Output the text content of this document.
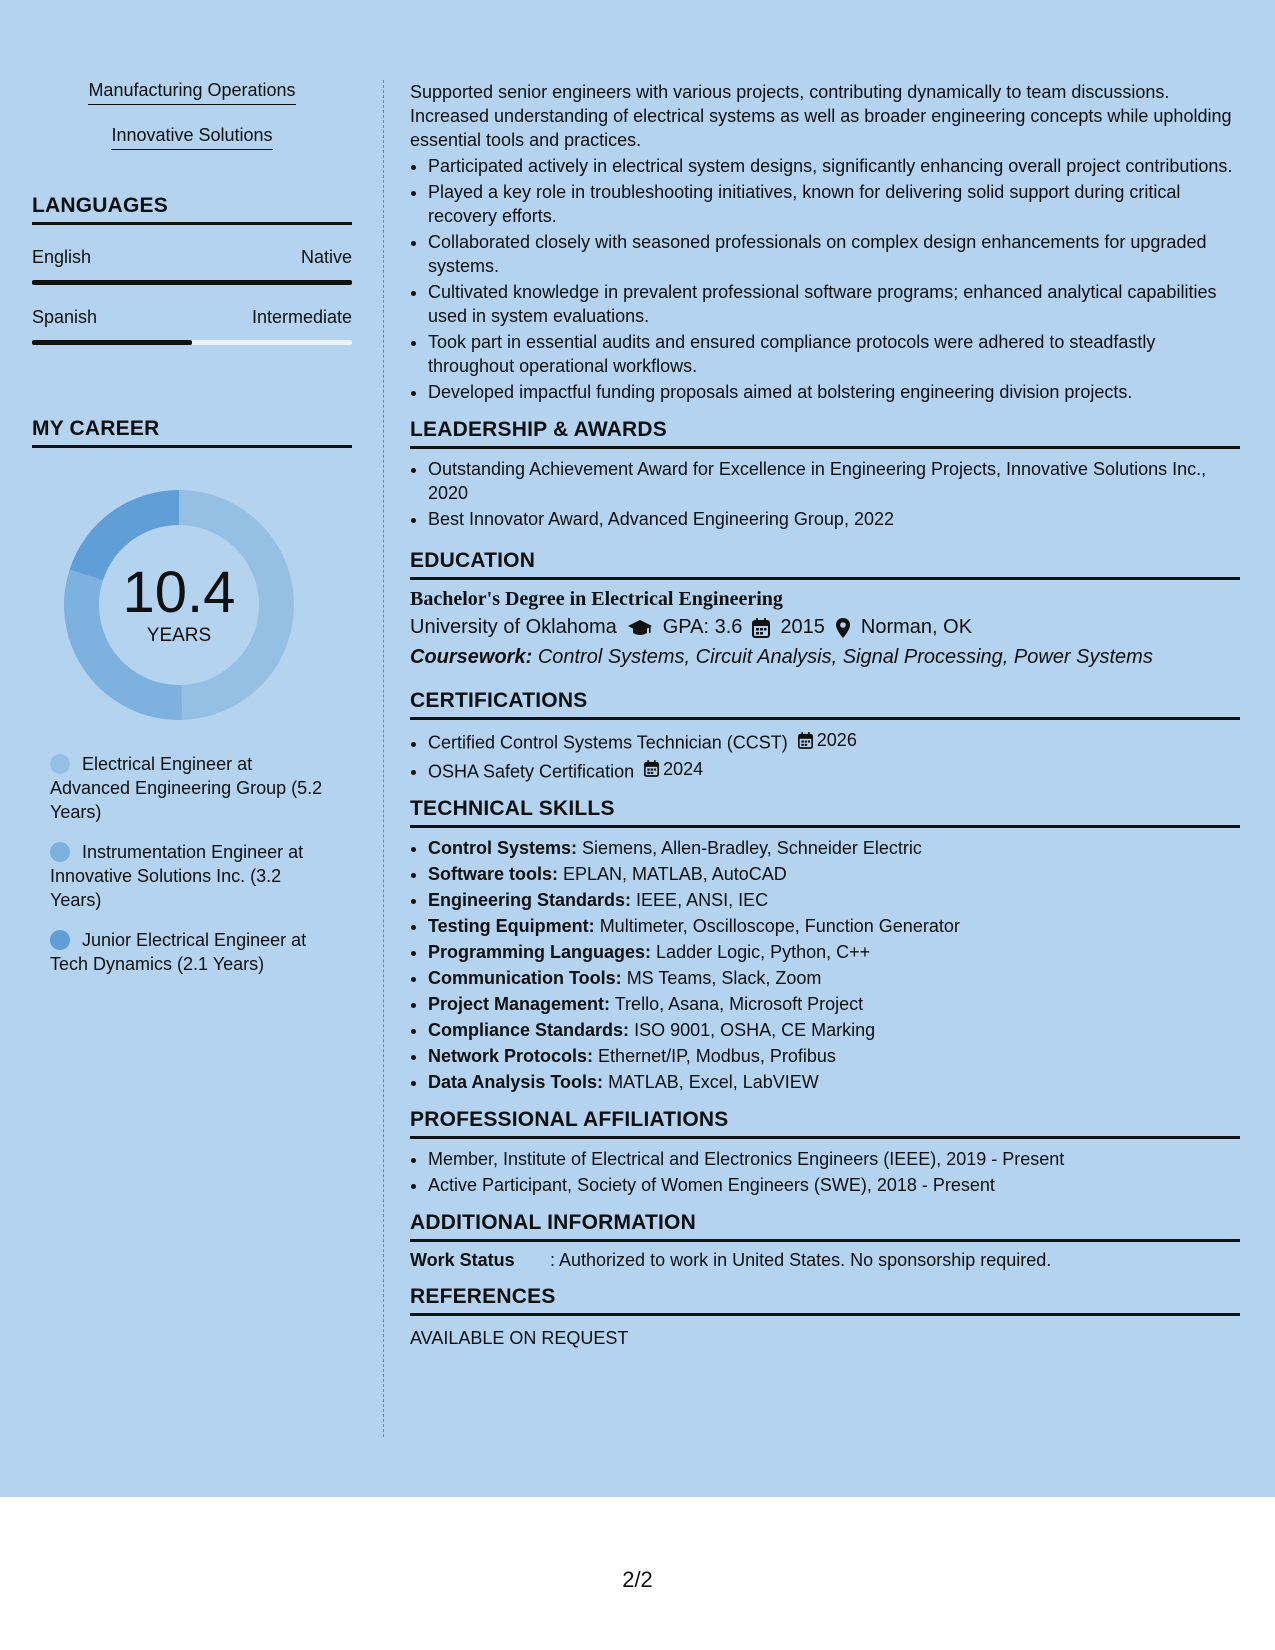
Manufacturing Operations
Innovative Solutions
LANGUAGES
English	Native
Spanish	Intermediate
MY CAREER
10.4
YEARS
Electrical Engineer at Advanced Engineering Group (5.2 Years)
Instrumentation Engineer at Innovative Solutions Inc. (3.2 Years)
Junior Electrical Engineer at Tech Dynamics (2.1 Years)

Supported senior engineers with various projects, contributing dynamically to team discussions. Increased understanding of electrical systems as well as broader engineering concepts while upholding essential tools and practices.

• Participated actively in electrical system designs, significantly enhancing overall project contributions.
• Played a key role in troubleshooting initiatives, known for delivering solid support during critical recovery efforts.
• Collaborated closely with seasoned professionals on complex design enhancements for upgraded systems.
• Cultivated knowledge in prevalent professional software programs; enhanced analytical capabilities used in system evaluations.
• Took part in essential audits and ensured compliance protocols were adhered to steadfastly throughout operational workflows.
• Developed impactful funding proposals aimed at bolstering engineering division projects.
LEADERSHIP & AWARDS
• Outstanding Achievement Award for Excellence in Engineering Projects, Innovative Solutions Inc., 2020
• Best Innovator Award, Advanced Engineering Group, 2022
EDUCATION
Bachelor's Degree in Electrical Engineering
University of Oklahoma GPA: 3.6 2015 Norman, OK
Coursework: Control Systems, Circuit Analysis, Signal Processing, Power Systems
CERTIFICATIONS
• Certified Control Systems Technician (CCST) 2026
• OSHA Safety Certification 2024
TECHNICAL SKILLS
• Control Systems: Siemens, Allen-Bradley, Schneider Electric
• Software tools: EPLAN, MATLAB, AutoCAD
• Engineering Standards: IEEE, ANSI, IEC
• Testing Equipment: Multimeter, Oscilloscope, Function Generator
• Programming Languages: Ladder Logic, Python, C++
• Communication Tools: MS Teams, Slack, Zoom
• Project Management: Trello, Asana, Microsoft Project
• Compliance Standards: ISO 9001, OSHA, CE Marking
• Network Protocols: Ethernet/IP, Modbus, Profibus
• Data Analysis Tools: MATLAB, Excel, LabVIEW
PROFESSIONAL AFFILIATIONS
• Member, Institute of Electrical and Electronics Engineers (IEEE), 2019 - Present
• Active Participant, Society of Women Engineers (SWE), 2018 - Present
ADDITIONAL INFORMATION
Work Status : Authorized to work in United States. No sponsorship required.
REFERENCES
AVAILABLE ON REQUEST
2/2
